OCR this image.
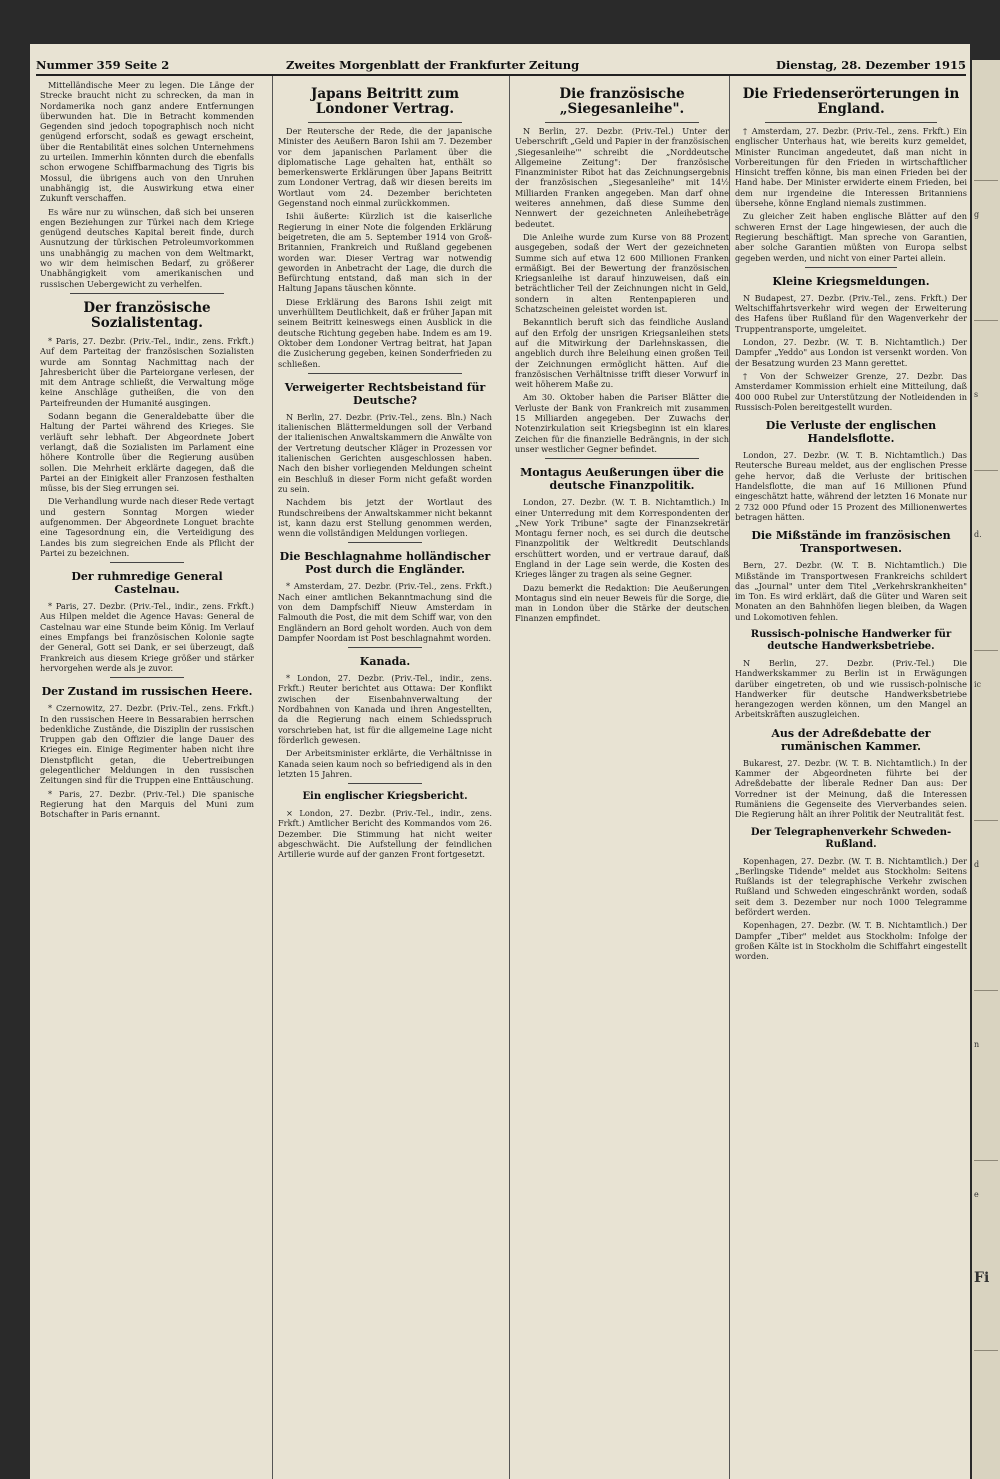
g
s
d.
ic
d
n
e
Fi
Nummer 359 Seite 2	Zweites Morgenblatt der Frankfurter Zeitung	Dienstag, 28. Dezember 1915

Mittelländische Meer zu legen. Die Länge der Strecke braucht nicht zu schrecken, da man in Nordamerika noch ganz andere Entfernungen überwunden hat. Die in Betracht kommenden Gegenden sind jedoch topographisch noch nicht genügend erforscht, sodaß es gewagt erscheint, über die Rentabilität eines solchen Unternehmens zu urteilen. Immerhin könnten durch die ebenfalls schon erwogene Schiffbarmachung des Tigris bis Mossul, die übrigens auch von den Unruhen unabhängig ist, die Auswirkung etwa einer Zukunft verschaffen.

Es wäre nur zu wünschen, daß sich bei unseren engen Beziehungen zur Türkei nach dem Kriege genügend deutsches Kapital bereit finde, durch Ausnutzung der türkischen Petroleumvorkommen uns unabhängig zu machen von dem Weltmarkt, wo wir dem heimischen Bedarf, zu größerer Unabhängigkeit vom amerikanischen und russischen Uebergewicht zu verhelfen.

Der französische Sozialistentag.

* Paris, 27. Dezbr. (Priv.-Tel., indir., zens. Frkft.) Auf dem Parteitag der französischen Sozialisten wurde am Sonntag Nachmittag nach der Jahresbericht über die Parteiorgane verlesen, der mit dem Antrage schließt, die Verwaltung möge keine Anschläge gutheißen, die von den Parteifreunden der Humanité ausgingen.

Sodann begann die Generaldebatte über die Haltung der Partei während des Krieges. Sie verläuft sehr lebhaft. Der Abgeordnete Jobert verlangt, daß die Sozialisten im Parlament eine höhere Kontrolle über die Regierung ausüben sollen. Die Mehrheit erklärte dagegen, daß die Partei an der Einigkeit aller Franzosen festhalten müsse, bis der Sieg errungen sei.

Die Verhandlung wurde nach dieser Rede vertagt und gestern Sonntag Morgen wieder aufgenommen. Der Abgeordnete Longuet brachte eine Tagesordnung ein, die Verteidigung des Landes bis zum siegreichen Ende als Pflicht der Partei zu bezeichnen.

Der ruhmredige General Castelnau.

* Paris, 27. Dezbr. (Priv.-Tel., indir., zens. Frkft.) Aus Hilpen meldet die Agence Havas: General de Castelnau war eine Stunde beim König. Im Verlauf eines Empfangs bei französischen Kolonie sagte der General, Gott sei Dank, er sei überzeugt, daß Frankreich aus diesem Kriege größer und stärker hervorgehen werde als je zuvor.

Der Zustand im russischen Heere.

* Czernowitz, 27. Dezbr. (Priv.-Tel., zens. Frkft.) In den russischen Heere in Bessarabien herrschen bedenkliche Zustände, die Disziplin der russischen Truppen gab den Offizier die lange Dauer des Krieges ein. Einige Regimenter haben nicht ihre Dienstpflicht getan, die Uebertreibungen gelegentlicher Meldungen in den russischen Zeitungen sind für die Truppen eine Enttäuschung.

* Paris, 27. Dezbr. (Priv.-Tel.) Die spanische Regierung hat den Marquis del Muni zum Botschafter in Paris ernannt.

Japans Beitritt zum Londoner Vertrag.

Der Reutersche der Rede, die der japanische Minister des Aeußern Baron Ishii am 7. Dezember vor dem japanischen Parlament über die diplomatische Lage gehalten hat, enthält so bemerkenswerte Erklärungen über Japans Beitritt zum Londoner Vertrag, daß wir diesen bereits im Wortlaut vom 24. Dezember berichteten Gegenstand noch einmal zurückkommen.

Ishii äußerte: Kürzlich ist die kaiserliche Regierung in einer Note die folgenden Erklärung beigetreten, die am 5. September 1914 von Groß-Britannien, Frankreich und Rußland gegebenen worden war. Dieser Vertrag war notwendig geworden in Anbetracht der Lage, die durch die Befürchtung entstand, daß man sich in der Haltung Japans täuschen könnte.

Diese Erklärung des Barons Ishii zeigt mit unverhülltem Deutlichkeit, daß er früher Japan mit seinem Beitritt keineswegs einen Ausblick in die deutsche Richtung gegeben habe. Indem es am 19. Oktober dem Londoner Vertrag beitrat, hat Japan die Zusicherung gegeben, keinen Sonderfrieden zu schließen.

Verweigerter Rechtsbeistand für Deutsche?

N Berlin, 27. Dezbr. (Priv.-Tel., zens. Bln.) Nach italienischen Blättermeldungen soll der Verband der italienischen Anwaltskammern die Anwälte von der Vertretung deutscher Kläger in Prozessen vor italienischen Gerichten ausgeschlossen haben. Nach den bisher vorliegenden Meldungen scheint ein Beschluß in dieser Form nicht gefaßt worden zu sein.

Nachdem bis jetzt der Wortlaut des Rundschreibens der Anwaltskammer nicht bekannt ist, kann dazu erst Stellung genommen werden, wenn die vollständigen Meldungen vorliegen.

Die Beschlagnahme holländischer Post durch die Engländer.

* Amsterdam, 27. Dezbr. (Priv.-Tel., zens. Frkft.) Nach einer amtlichen Bekanntmachung sind die von dem Dampfschiff Nieuw Amsterdam in Falmouth die Post, die mit dem Schiff war, von den Engländern an Bord geholt worden. Auch von dem Dampfer Noordam ist Post beschlagnahmt worden.

Kanada.

* London, 27. Dezbr. (Priv.-Tel., indir., zens. Frkft.) Reuter berichtet aus Ottawa: Der Konflikt zwischen der Eisenbahnverwaltung der Nordbahnen von Kanada und ihren Angestellten, da die Regierung nach einem Schiedsspruch vorschrieben hat, ist für die allgemeine Lage nicht förderlich gewesen.

Der Arbeitsminister erklärte, die Verhältnisse in Kanada seien kaum noch so befriedigend als in den letzten 15 Jahren.

Ein englischer Kriegsbericht.

× London, 27. Dezbr. (Priv.-Tel., indir., zens. Frkft.) Amtlicher Bericht des Kommandos vom 26. Dezember. Die Stimmung hat nicht weiter abgeschwächt. Die Aufstellung der feindlichen Artillerie wurde auf der ganzen Front fortgesetzt.

Die französische „Siegesanleihe".

N Berlin, 27. Dezbr. (Priv.-Tel.) Unter der Ueberschrift „Geld und Papier in der französischen ‚Siegesanleihe'" schreibt die „Norddeutsche Allgemeine Zeitung": Der französische Finanzminister Ribot hat das Zeichnungsergebnis der französischen „Siegesanleihe" mit 14½ Milliarden Franken angegeben. Man darf ohne weiteres annehmen, daß diese Summe den Nennwert der gezeichneten Anleihebeträge bedeutet.

Die Anleihe wurde zum Kurse von 88 Prozent ausgegeben, sodaß der Wert der gezeichneten Summe sich auf etwa 12 600 Millionen Franken ermäßigt. Bei der Bewertung der französischen Kriegsanleihe ist darauf hinzuweisen, daß ein beträchtlicher Teil der Zeichnungen nicht in Geld, sondern in alten Rentenpapieren und Schatzscheinen geleistet worden ist.

Bekanntlich beruft sich das feindliche Ausland auf den Erfolg der unsrigen Kriegsanleihen stets auf die Mitwirkung der Darlehnskassen, die angeblich durch ihre Beleihung einen großen Teil der Zeichnungen ermöglicht hätten. Auf die französischen Verhältnisse trifft dieser Vorwurf in weit höherem Maße zu.

Am 30. Oktober haben die Pariser Blätter die Verluste der Bank von Frankreich mit zusammen 15 Milliarden angegeben. Der Zuwachs der Notenzirkulation seit Kriegsbeginn ist ein klares Zeichen für die finanzielle Bedrängnis, in der sich unser westlicher Gegner befindet.

Montagus Aeußerungen über die deutsche Finanzpolitik.

London, 27. Dezbr. (W. T. B. Nichtamtlich.) In einer Unterredung mit dem Korrespondenten der „New York Tribune" sagte der Finanzsekretär Montagu ferner noch, es sei durch die deutsche Finanzpolitik der Weltkredit Deutschlands erschüttert worden, und er vertraue darauf, daß England in der Lage sein werde, die Kosten des Krieges länger zu tragen als seine Gegner.

Dazu bemerkt die Redaktion: Die Aeußerungen Montagus sind ein neuer Beweis für die Sorge, die man in London über die Stärke der deutschen Finanzen empfindet.

Die Friedenserörterungen in England.

† Amsterdam, 27. Dezbr. (Priv.-Tel., zens. Frkft.) Ein englischer Unterhaus hat, wie bereits kurz gemeldet, Minister Runciman angedeutet, daß man nicht in Vorbereitungen für den Frieden in wirtschaftlicher Hinsicht treffen könne, bis man einen Frieden bei der Hand habe. Der Minister erwiderte einem Frieden, bei dem nur irgendeine die Interessen Britanniens übersehe, könne England niemals zustimmen.

Zu gleicher Zeit haben englische Blätter auf den schweren Ernst der Lage hingewiesen, der auch die Regierung beschäftigt. Man spreche von Garantien, aber solche Garantien müßten von Europa selbst gegeben werden, und nicht von einer Partei allein.

Kleine Kriegsmeldungen.

N Budapest, 27. Dezbr. (Priv.-Tel., zens. Frkft.) Der Weltschiffahrtsverkehr wird wegen der Erweiterung des Hafens über Rußland für den Wagenverkehr der Truppentransporte, umgeleitet.

London, 27. Dezbr. (W. T. B. Nichtamtlich.) Der Dampfer „Yeddo" aus London ist versenkt worden. Von der Besatzung wurden 23 Mann gerettet.

† Von der Schweizer Grenze, 27. Dezbr. Das Amsterdamer Kommission erhielt eine Mitteilung, daß 400 000 Rubel zur Unterstützung der Notleidenden in Russisch-Polen bereitgestellt wurden.

Die Verluste der englischen Handelsflotte.

London, 27. Dezbr. (W. T. B. Nichtamtlich.) Das Reutersche Bureau meldet, aus der englischen Presse gehe hervor, daß die Verluste der britischen Handelsflotte, die man auf 16 Millionen Pfund eingeschätzt hatte, während der letzten 16 Monate nur 2 732 000 Pfund oder 15 Prozent des Millionenwertes betragen hätten.

Die Mißstände im französischen Transportwesen.

Bern, 27. Dezbr. (W. T. B. Nichtamtlich.) Die Mißstände im Transportwesen Frankreichs schildert das „Journal" unter dem Titel „Verkehrskrankheiten" im Ton. Es wird erklärt, daß die Güter und Waren seit Monaten an den Bahnhöfen liegen bleiben, da Wagen und Lokomotiven fehlen.

Russisch-polnische Handwerker für deutsche Handwerksbetriebe.

N Berlin, 27. Dezbr. (Priv.-Tel.) Die Handwerkskammer zu Berlin ist in Erwägungen darüber eingetreten, ob und wie russisch-polnische Handwerker für deutsche Handwerksbetriebe herangezogen werden können, um den Mangel an Arbeitskräften auszugleichen.

Aus der Adreßdebatte der rumänischen Kammer.

Bukarest, 27. Dezbr. (W. T. B. Nichtamtlich.) In der Kammer der Abgeordneten führte bei der Adreßdebatte der liberale Redner Dan aus: Der Vorredner ist der Meinung, daß die Interessen Rumäniens die Gegenseite des Vierverbandes seien. Die Regierung hält an ihrer Politik der Neutralität fest.

Der Telegraphenverkehr Schweden-Rußland.

Kopenhagen, 27. Dezbr. (W. T. B. Nichtamtlich.) Der „Berlingske Tidende" meldet aus Stockholm: Seitens Rußlands ist der telegraphische Verkehr zwischen Rußland und Schweden eingeschränkt worden, sodaß seit dem 3. Dezember nur noch 1000 Telegramme befördert werden.

Kopenhagen, 27. Dezbr. (W. T. B. Nichtamtlich.) Der Dampfer „Tiber" meldet aus Stockholm: Infolge der großen Kälte ist in Stockholm die Schiffahrt eingestellt worden.
